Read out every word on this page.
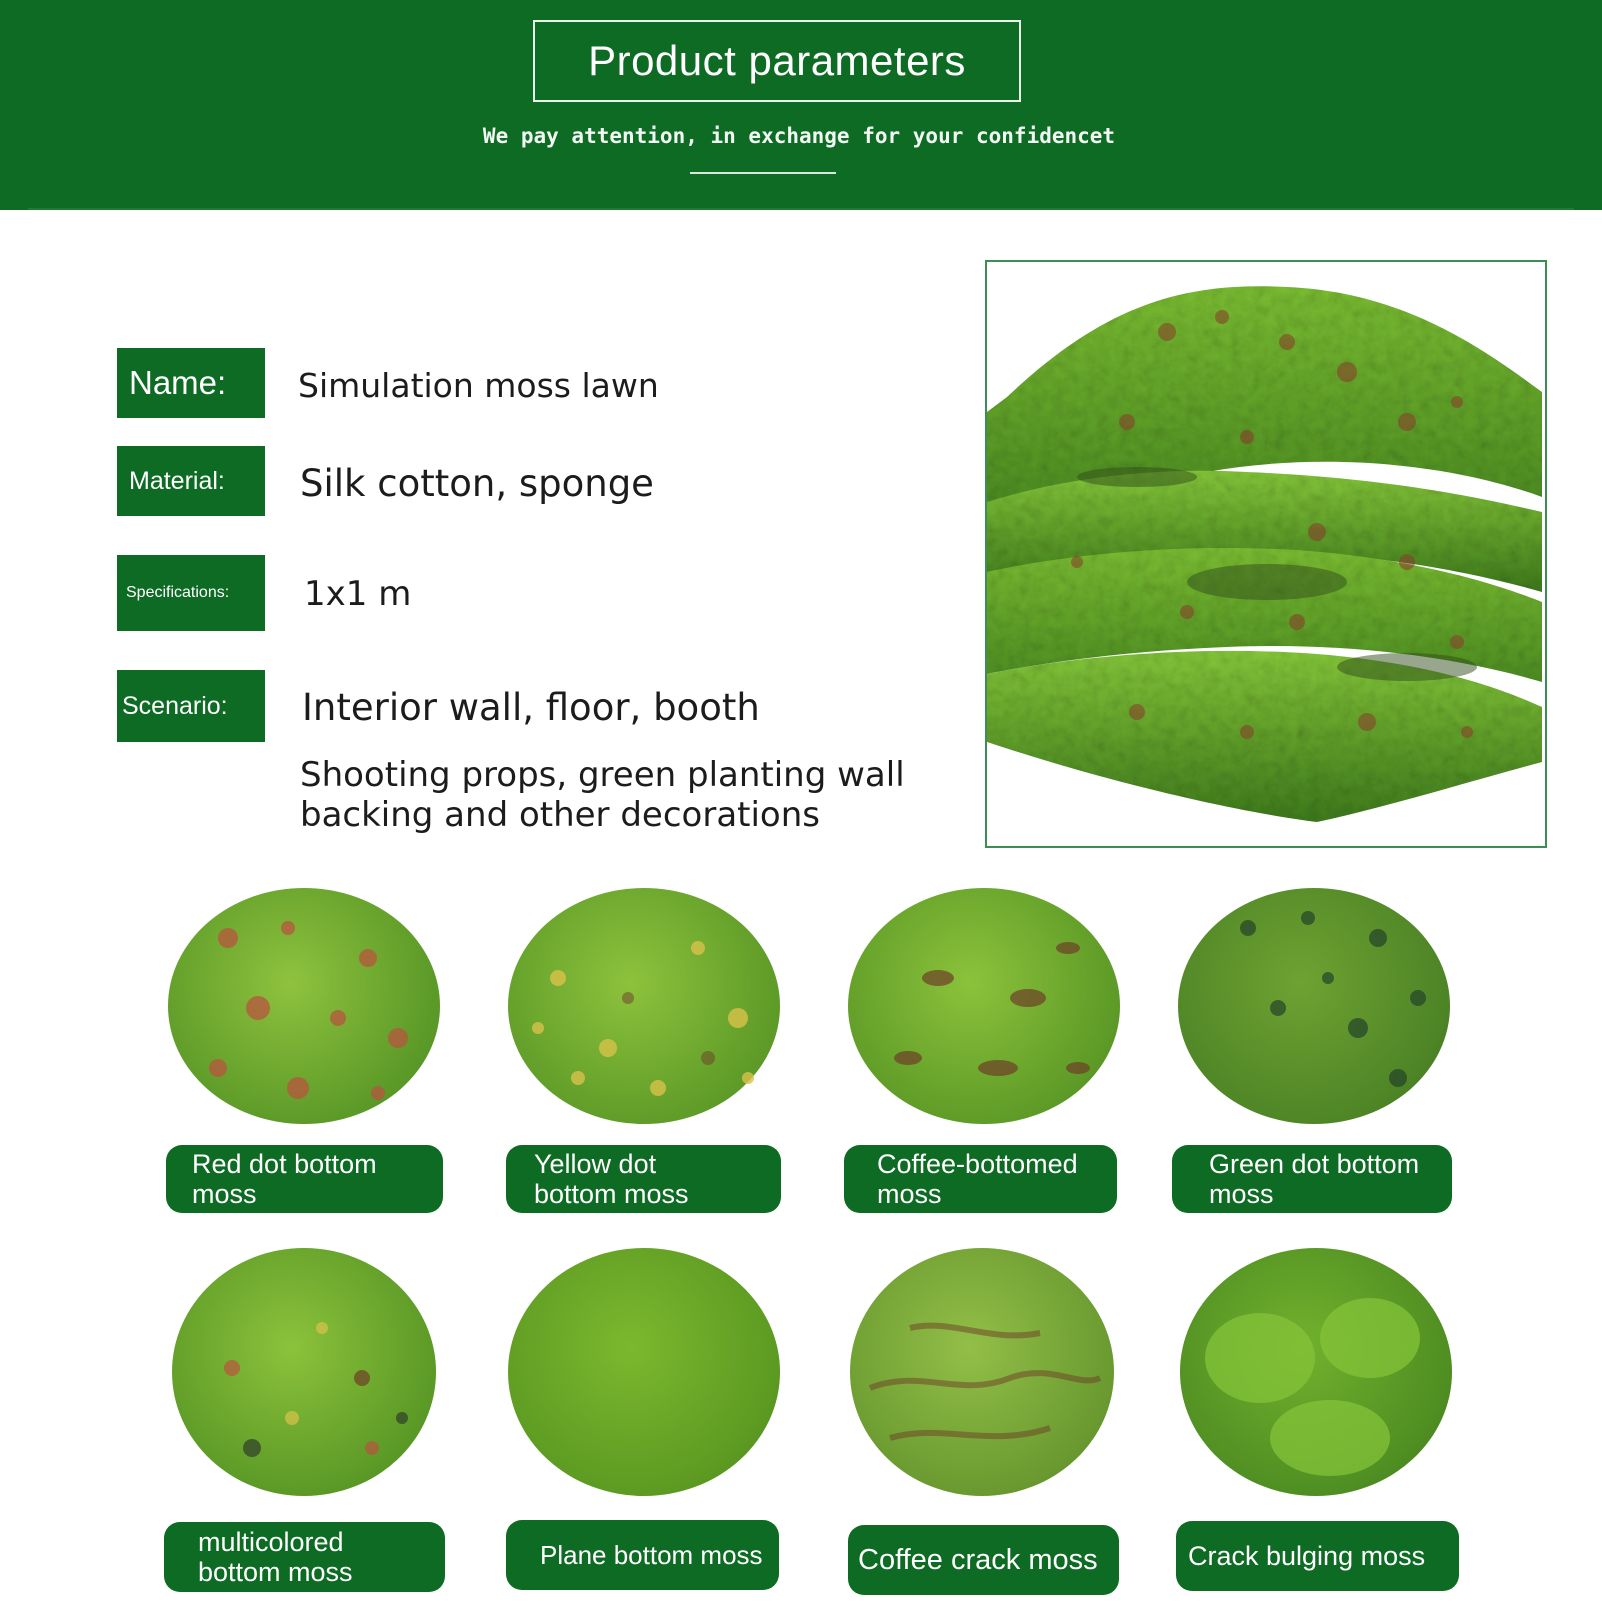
Product parameters
We pay attention, in exchange for your confidencet
Name:	Simulation moss lawn
Material:	Silk cotton, sponge
Specifications:	1x1 m
Scenario:	Interior wall, floor, booth
Shooting props, green planting wall
backing and other decorations
Red dot bottom
moss
Yellow dot
bottom moss
Coffee-bottomed
moss
Green dot bottom
moss
multicolored
bottom moss
Plane bottom moss	Coffee crack moss	Crack bulging moss
